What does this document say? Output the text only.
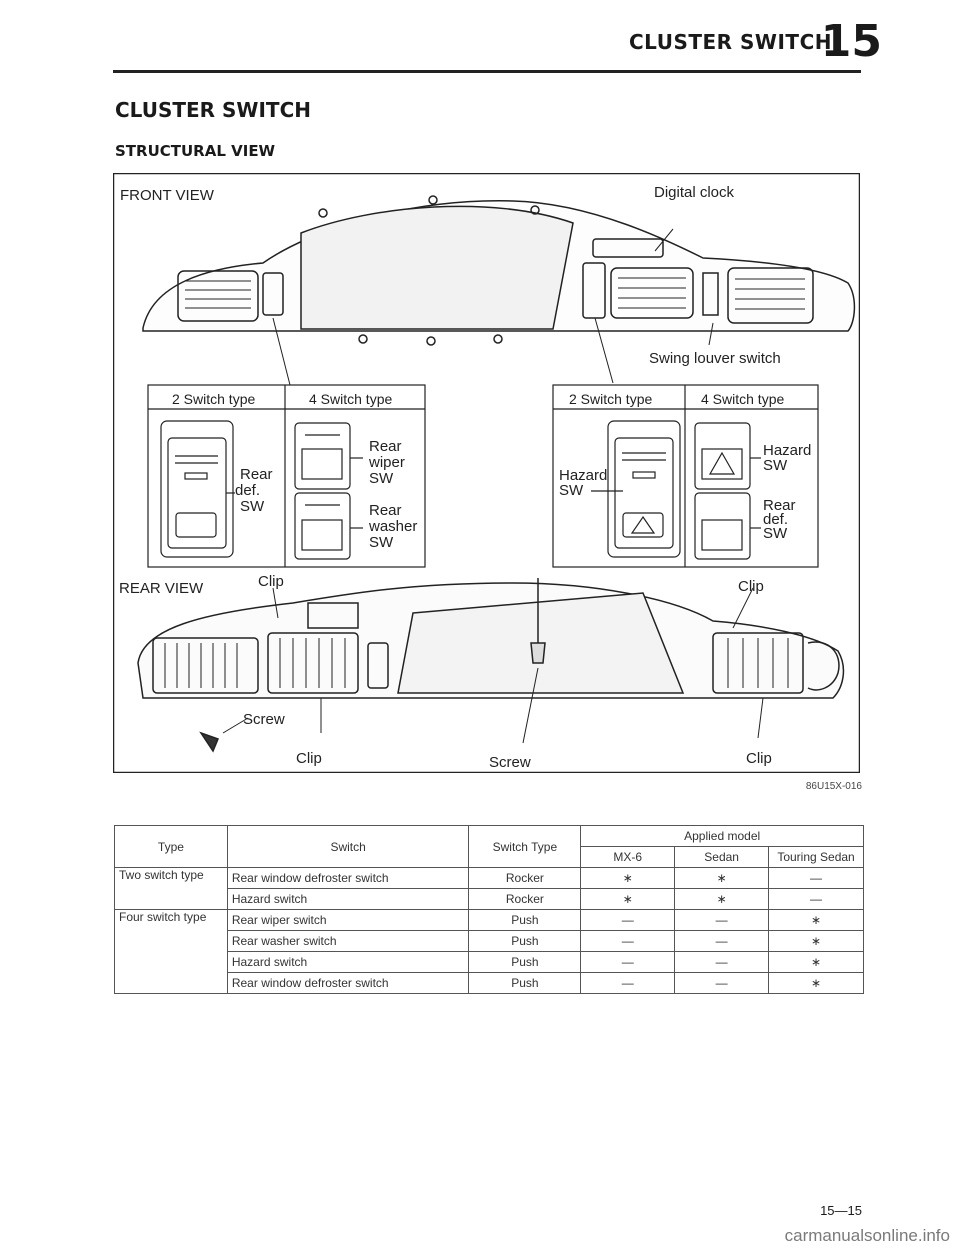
CLUSTER SWITCH
15
CLUSTER SWITCH
STRUCTURAL VIEW
FRONT VIEW	Digital clock
Swing louver switch
2 Switch type	4 Switch type
Rear def. SW
Rear wiper SW
Rear washer SW
2 Switch type	4 Switch type
Hazard SW
Hazard SW
Rear def. SW
REAR VIEW	Clip	Clip
Screw
Clip	Screw	Clip
86U15X-016
Type	Switch	Switch Type	Applied model		
			MX-6	Sedan	Touring Sedan
Two switch type	Rear window defroster switch	Rocker	∗	∗	—
	Hazard switch	Rocker	∗	∗	—
Four switch type	Rear wiper switch	Push	—	—	∗
	Rear washer switch	Push	—	—	∗
	Hazard switch	Push	—	—	∗
	Rear window defroster switch	Push	—	—	∗
15—15
carmanualsonline.info
